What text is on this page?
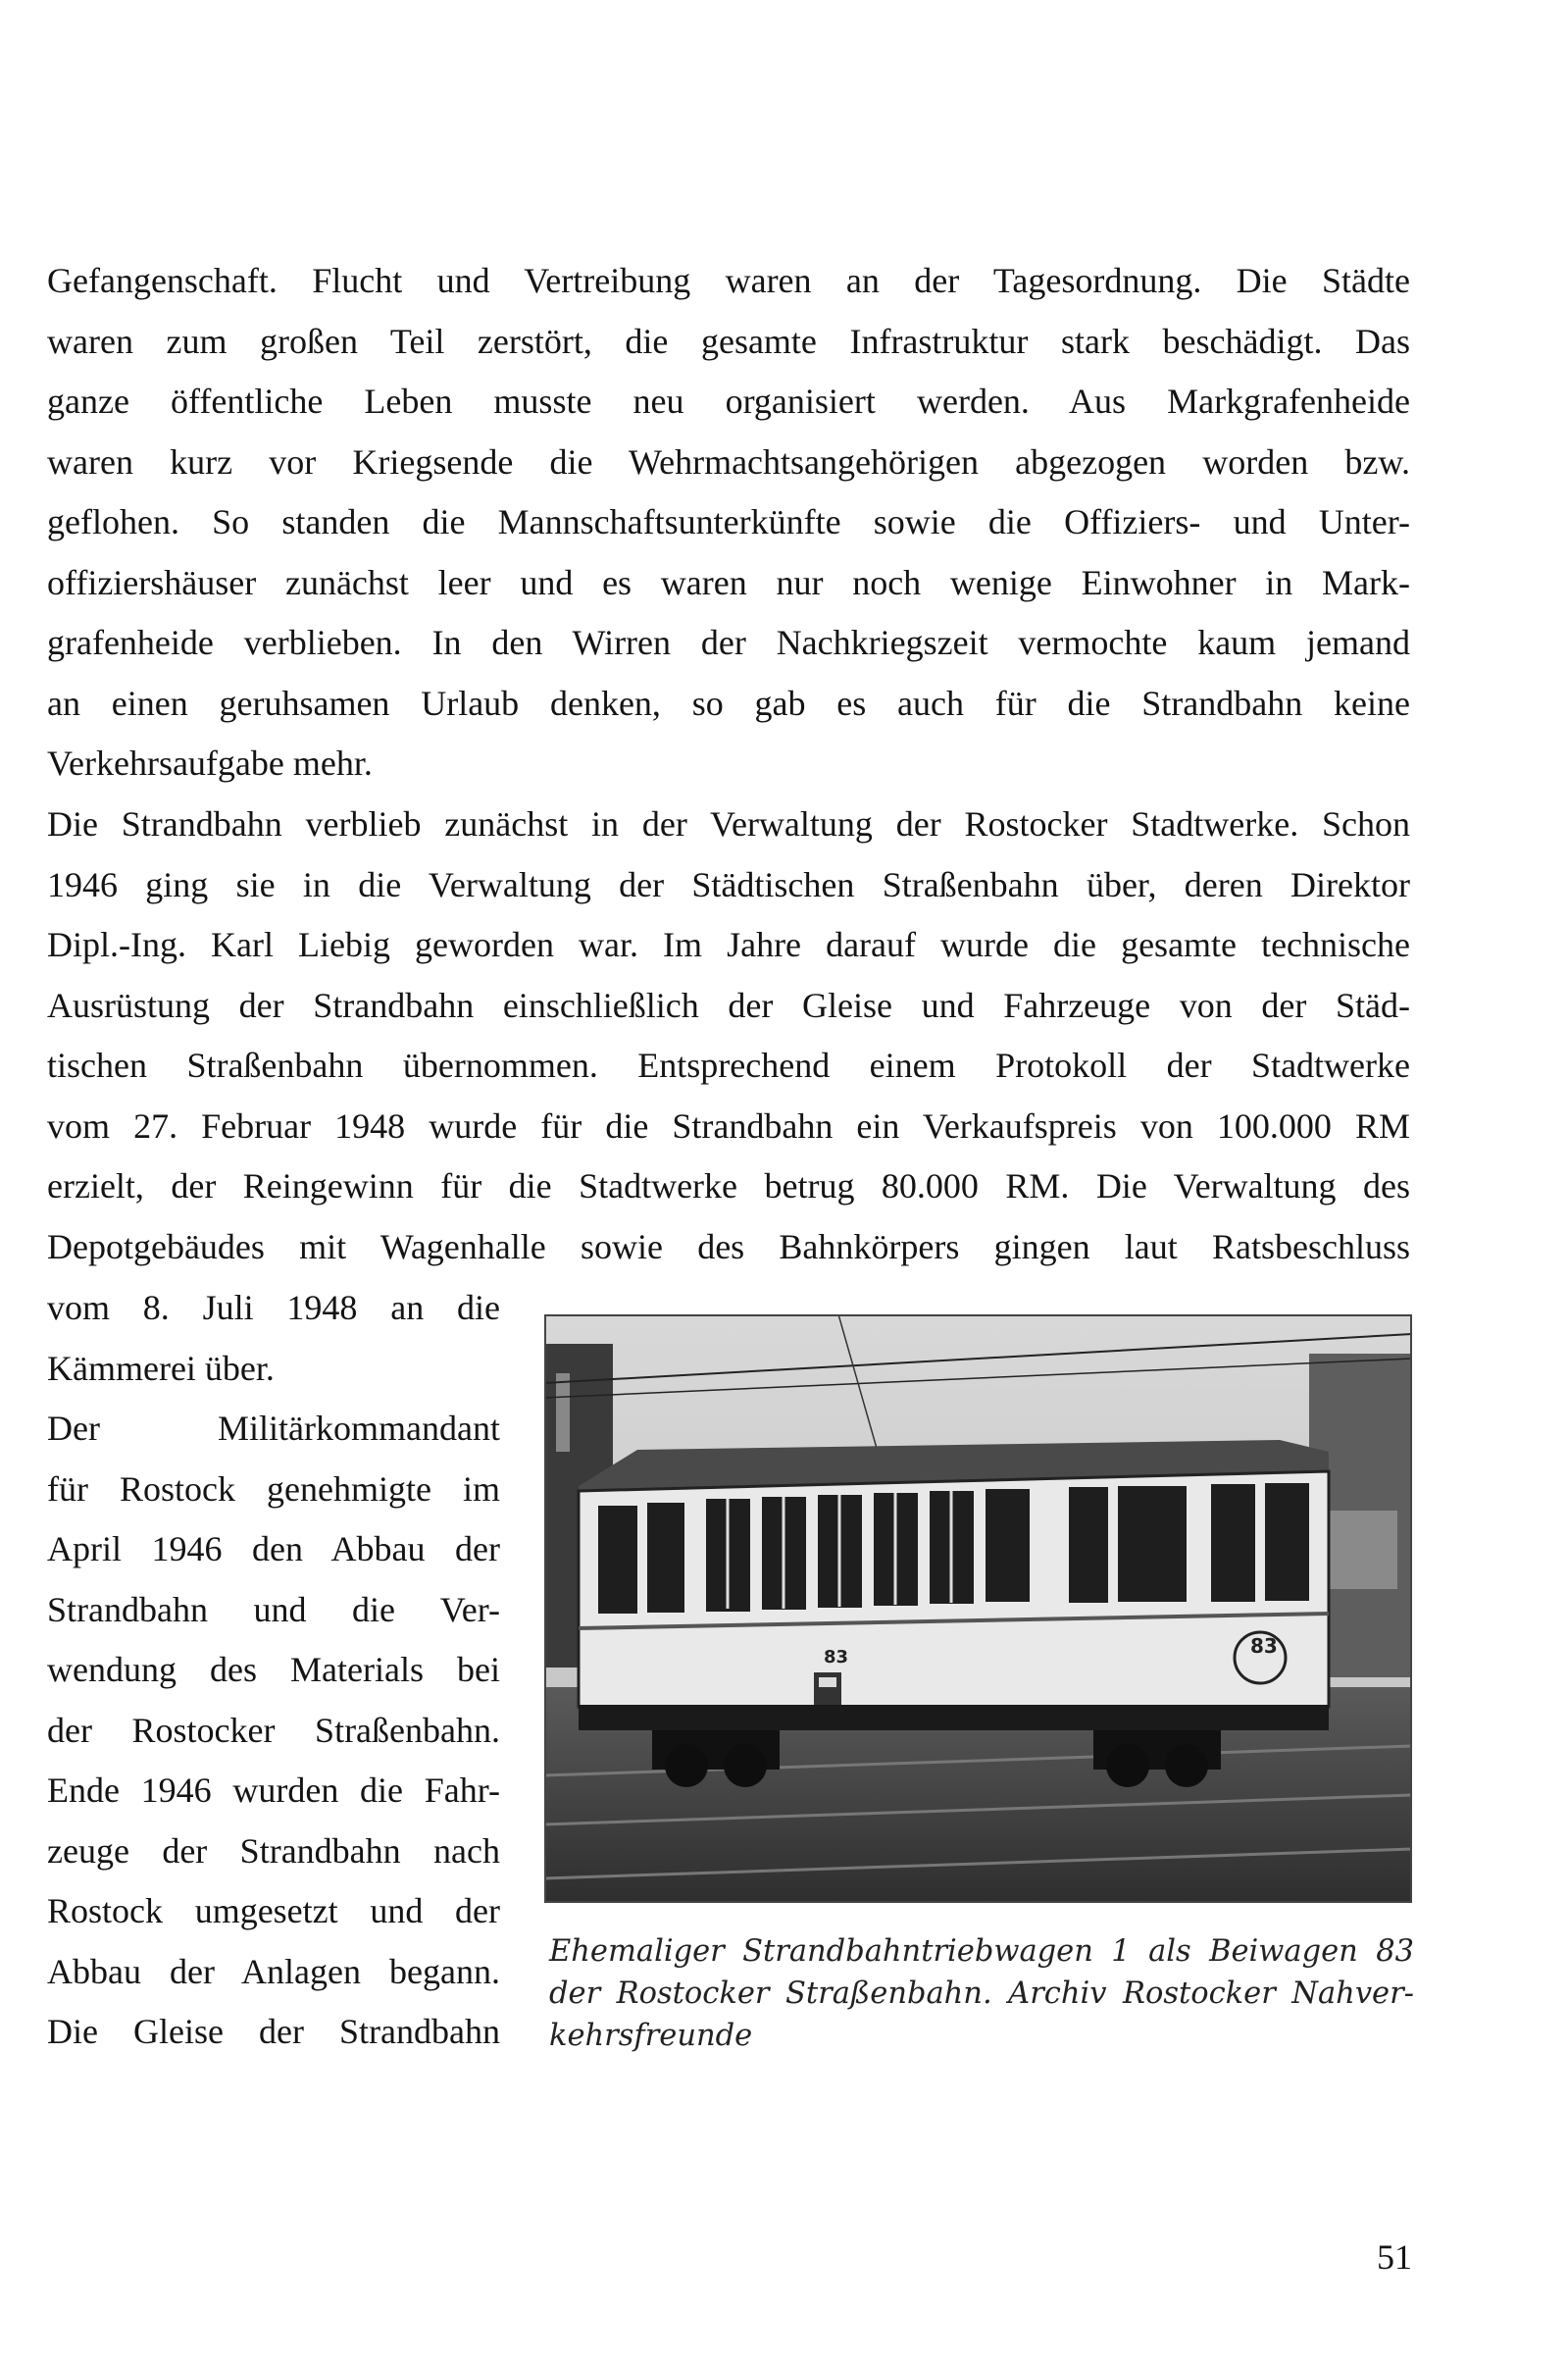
Gefangenschaft. Flucht und Vertreibung waren an der Tagesordnung. Die Städte
waren zum großen Teil zerstört, die gesamte Infrastruktur stark beschädigt. Das
ganze öffentliche Leben musste neu organisiert werden. Aus Markgrafenheide
waren kurz vor Kriegsende die Wehrmachtsangehörigen abgezogen worden bzw.
geflohen. So standen die Mannschaftsunterkünfte sowie die Offiziers- und Unter-
offiziershäuser zunächst leer und es waren nur noch wenige Einwohner in Mark-
grafenheide verblieben. In den Wirren der Nachkriegszeit vermochte kaum jemand
an einen geruhsamen Urlaub denken, so gab es auch für die Strandbahn keine
Verkehrsaufgabe mehr.
Die Strandbahn verblieb zunächst in der Verwaltung der Rostocker Stadtwerke. Schon
1946 ging sie in die Verwaltung der Städtischen Straßenbahn über, deren Direktor
Dipl.-Ing. Karl Liebig geworden war. Im Jahre darauf wurde die gesamte technische
Ausrüstung der Strandbahn einschließlich der Gleise und Fahrzeuge von der Städ-
tischen Straßenbahn übernommen. Entsprechend einem Protokoll der Stadtwerke
vom 27. Februar 1948 wurde für die Strandbahn ein Verkaufspreis von 100.000 RM
erzielt, der Reingewinn für die Stadtwerke betrug 80.000 RM. Die Verwaltung des
Depotgebäudes mit Wagenhalle sowie des Bahnkörpers gingen laut Ratsbeschluss
vom 8. Juli 1948 an die
Kämmerei über.
Der Militärkommandant
für Rostock genehmigte im
April 1946 den Abbau der
Strandbahn und die Ver-
wendung des Materials bei
der Rostocker Straßenbahn.
Ende 1946 wurden die Fahr-
zeuge der Strandbahn nach
Rostock umgesetzt und der
Abbau der Anlagen begann.
Die Gleise der Strandbahn
83	83
Ehemaliger Strandbahntriebwagen 1 als Beiwagen 83
der Rostocker Straßenbahn. Archiv Rostocker Nahver-
kehrsfreunde
51
